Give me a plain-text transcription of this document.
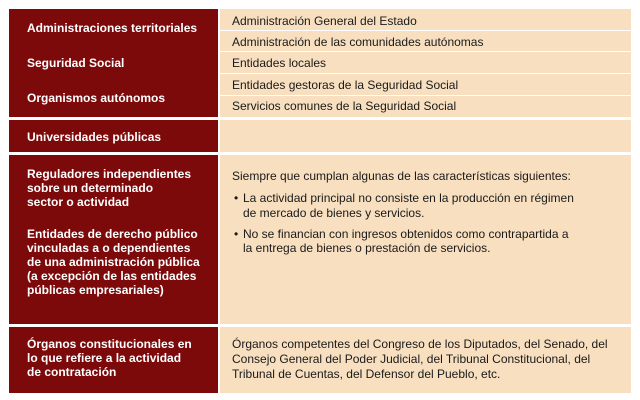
Administraciones territoriales
Seguridad Social
Organismos autónomos
Administración General del Estado
Administración de las comunidades autónomas
Entidades locales
Entidades gestoras de la Seguridad Social
Servicios comunes de la Seguridad Social
Universidades públicas
Reguladores independientes
sobre un determinado
sector o actividad
Entidades de derecho público
vinculadas a o dependientes
de una administración pública
(a excepción de las entidades
públicas empresariales)
Siempre que cumplan algunas de las características siguientes:
• La actividad principal no consiste en la producción en régimen
de mercado de bienes y servicios.
• No se financian con ingresos obtenidos como contrapartida a
la entrega de bienes o prestación de servicios.
Órganos constitucionales en
lo que refiere a la actividad
de contratación
Órganos competentes del Congreso de los Diputados, del Senado, del
Consejo General del Poder Judicial, del Tribunal Constitucional, del
Tribunal de Cuentas, del Defensor del Pueblo, etc.
